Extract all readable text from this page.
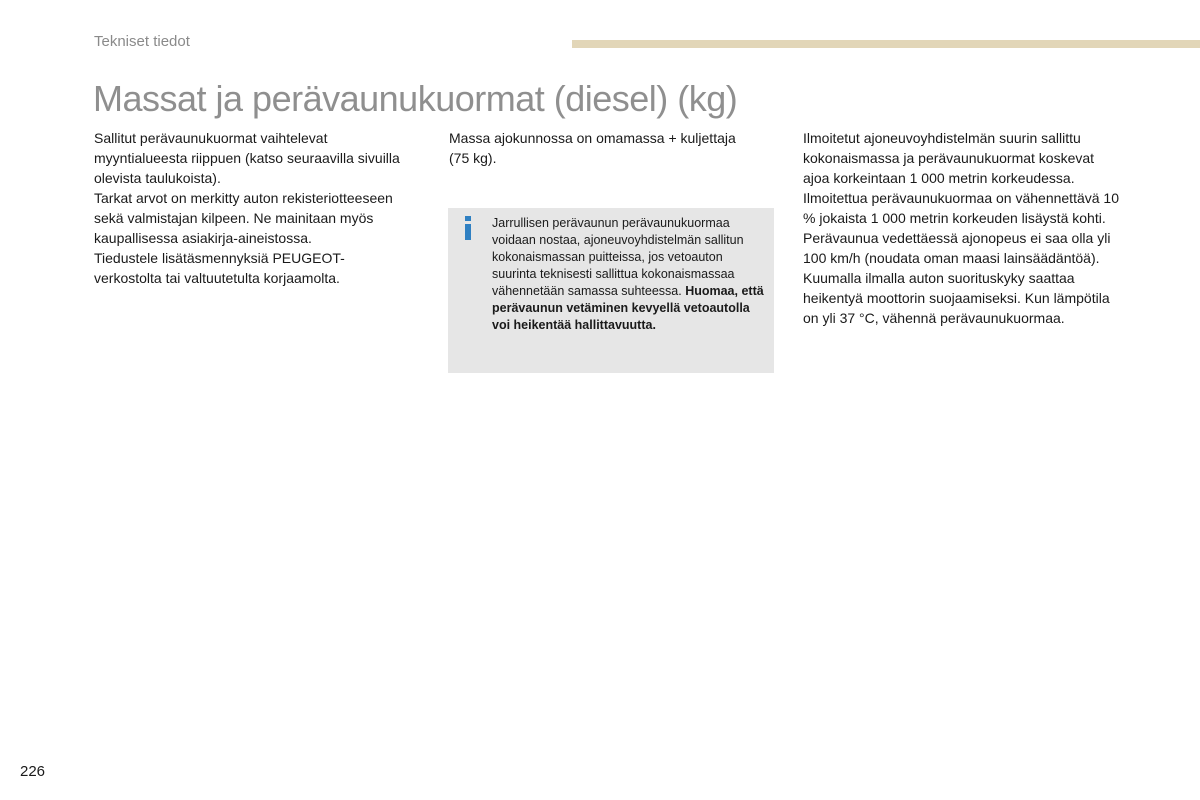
Tekniset tiedot

Massat ja perävaunukuormat (diesel) (kg)

Sallitut perävaunukuormat vaihtelevat myyntialueesta riippuen (katso seuraavilla sivuilla olevista taulukoista).

Tarkat arvot on merkitty auton rekisteriotteeseen sekä valmistajan kilpeen. Ne mainitaan myös kaupallisessa asiakirja-aineistossa.

Tiedustele lisätäsmennyksiä PEUGEOT-verkostolta tai valtuutetulta korjaamolta.

Massa ajokunnossa on omamassa + kuljettaja (75 kg).

Jarrullisen perävaunun perävaunukuormaa voidaan nostaa, ajoneuvoyhdistelmän sallitun kokonaismassan puitteissa, jos vetoauton suurinta teknisesti sallittua kokonaismassaa vähennetään samassa suhteessa. Huomaa, että perävaunun vetäminen kevyellä vetoautolla voi heikentää hallittavuutta.

Ilmoitetut ajoneuvoyhdistelmän suurin sallittu kokonaismassa ja perävaunukuormat koskevat ajoa korkeintaan 1 000 metrin korkeudessa. Ilmoitettua perävaunukuormaa on vähennettävä 10 % jokaista 1 000 metrin korkeuden lisäystä kohti.

Perävaunua vedettäessä ajonopeus ei saa olla yli 100 km/h (noudata oman maasi lainsäädäntöä).

Kuumalla ilmalla auton suorituskyky saattaa heikentyä moottorin suojaamiseksi. Kun lämpötila on yli 37 °C, vähennä perävaunukuormaa.

226
